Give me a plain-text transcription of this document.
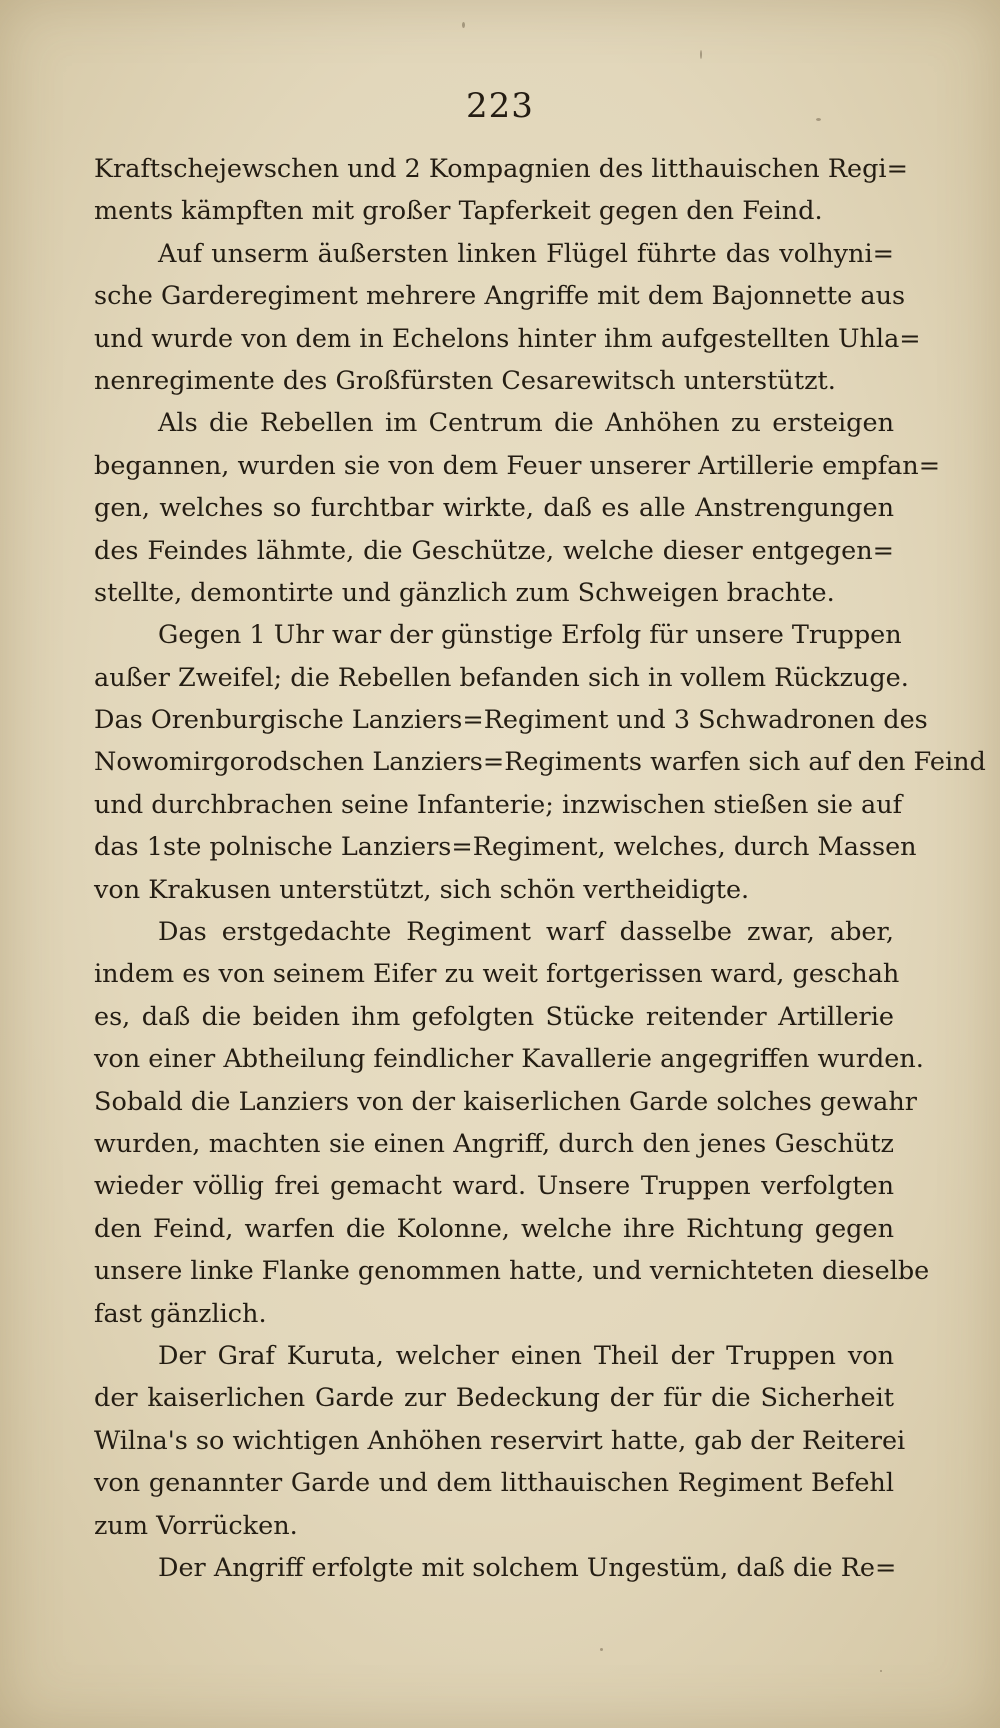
223
Kraftschejewschen und 2 Kompagnien des litthauischen Regi=
ments kämpften mit großer Tapferkeit gegen den Feind.
Auf unserm äußersten linken Flügel führte das volhyni=
sche Garderegiment mehrere Angriffe mit dem Bajonnette aus
und wurde von dem in Echelons hinter ihm aufgestellten Uhla=
nenregimente des Großfürsten Cesarewitsch unterstützt.
Als die Rebellen im Centrum die Anhöhen zu ersteigen
begannen, wurden sie von dem Feuer unserer Artillerie empfan=
gen, welches so furchtbar wirkte, daß es alle Anstrengungen
des Feindes lähmte, die Geschütze, welche dieser entgegen=
stellte, demontirte und gänzlich zum Schweigen brachte.
Gegen 1 Uhr war der günstige Erfolg für unsere Truppen
außer Zweifel; die Rebellen befanden sich in vollem Rückzuge.
Das Orenburgische Lanziers=Regiment und 3 Schwadronen des
Nowomirgorodschen Lanziers=Regiments warfen sich auf den Feind
und durchbrachen seine Infanterie; inzwischen stießen sie auf
das 1ste polnische Lanziers=Regiment, welches, durch Massen
von Krakusen unterstützt, sich schön vertheidigte.
Das erstgedachte Regiment warf dasselbe zwar, aber,
indem es von seinem Eifer zu weit fortgerissen ward, geschah
es, daß die beiden ihm gefolgten Stücke reitender Artillerie
von einer Abtheilung feindlicher Kavallerie angegriffen wurden.
Sobald die Lanziers von der kaiserlichen Garde solches gewahr
wurden, machten sie einen Angriff, durch den jenes Geschütz
wieder völlig frei gemacht ward. Unsere Truppen verfolgten
den Feind, warfen die Kolonne, welche ihre Richtung gegen
unsere linke Flanke genommen hatte, und vernichteten dieselbe
fast gänzlich.
Der Graf Kuruta, welcher einen Theil der Truppen von
der kaiserlichen Garde zur Bedeckung der für die Sicherheit
Wilna's so wichtigen Anhöhen reservirt hatte, gab der Reiterei
von genannter Garde und dem litthauischen Regiment Befehl
zum Vorrücken.
Der Angriff erfolgte mit solchem Ungestüm, daß die Re=
